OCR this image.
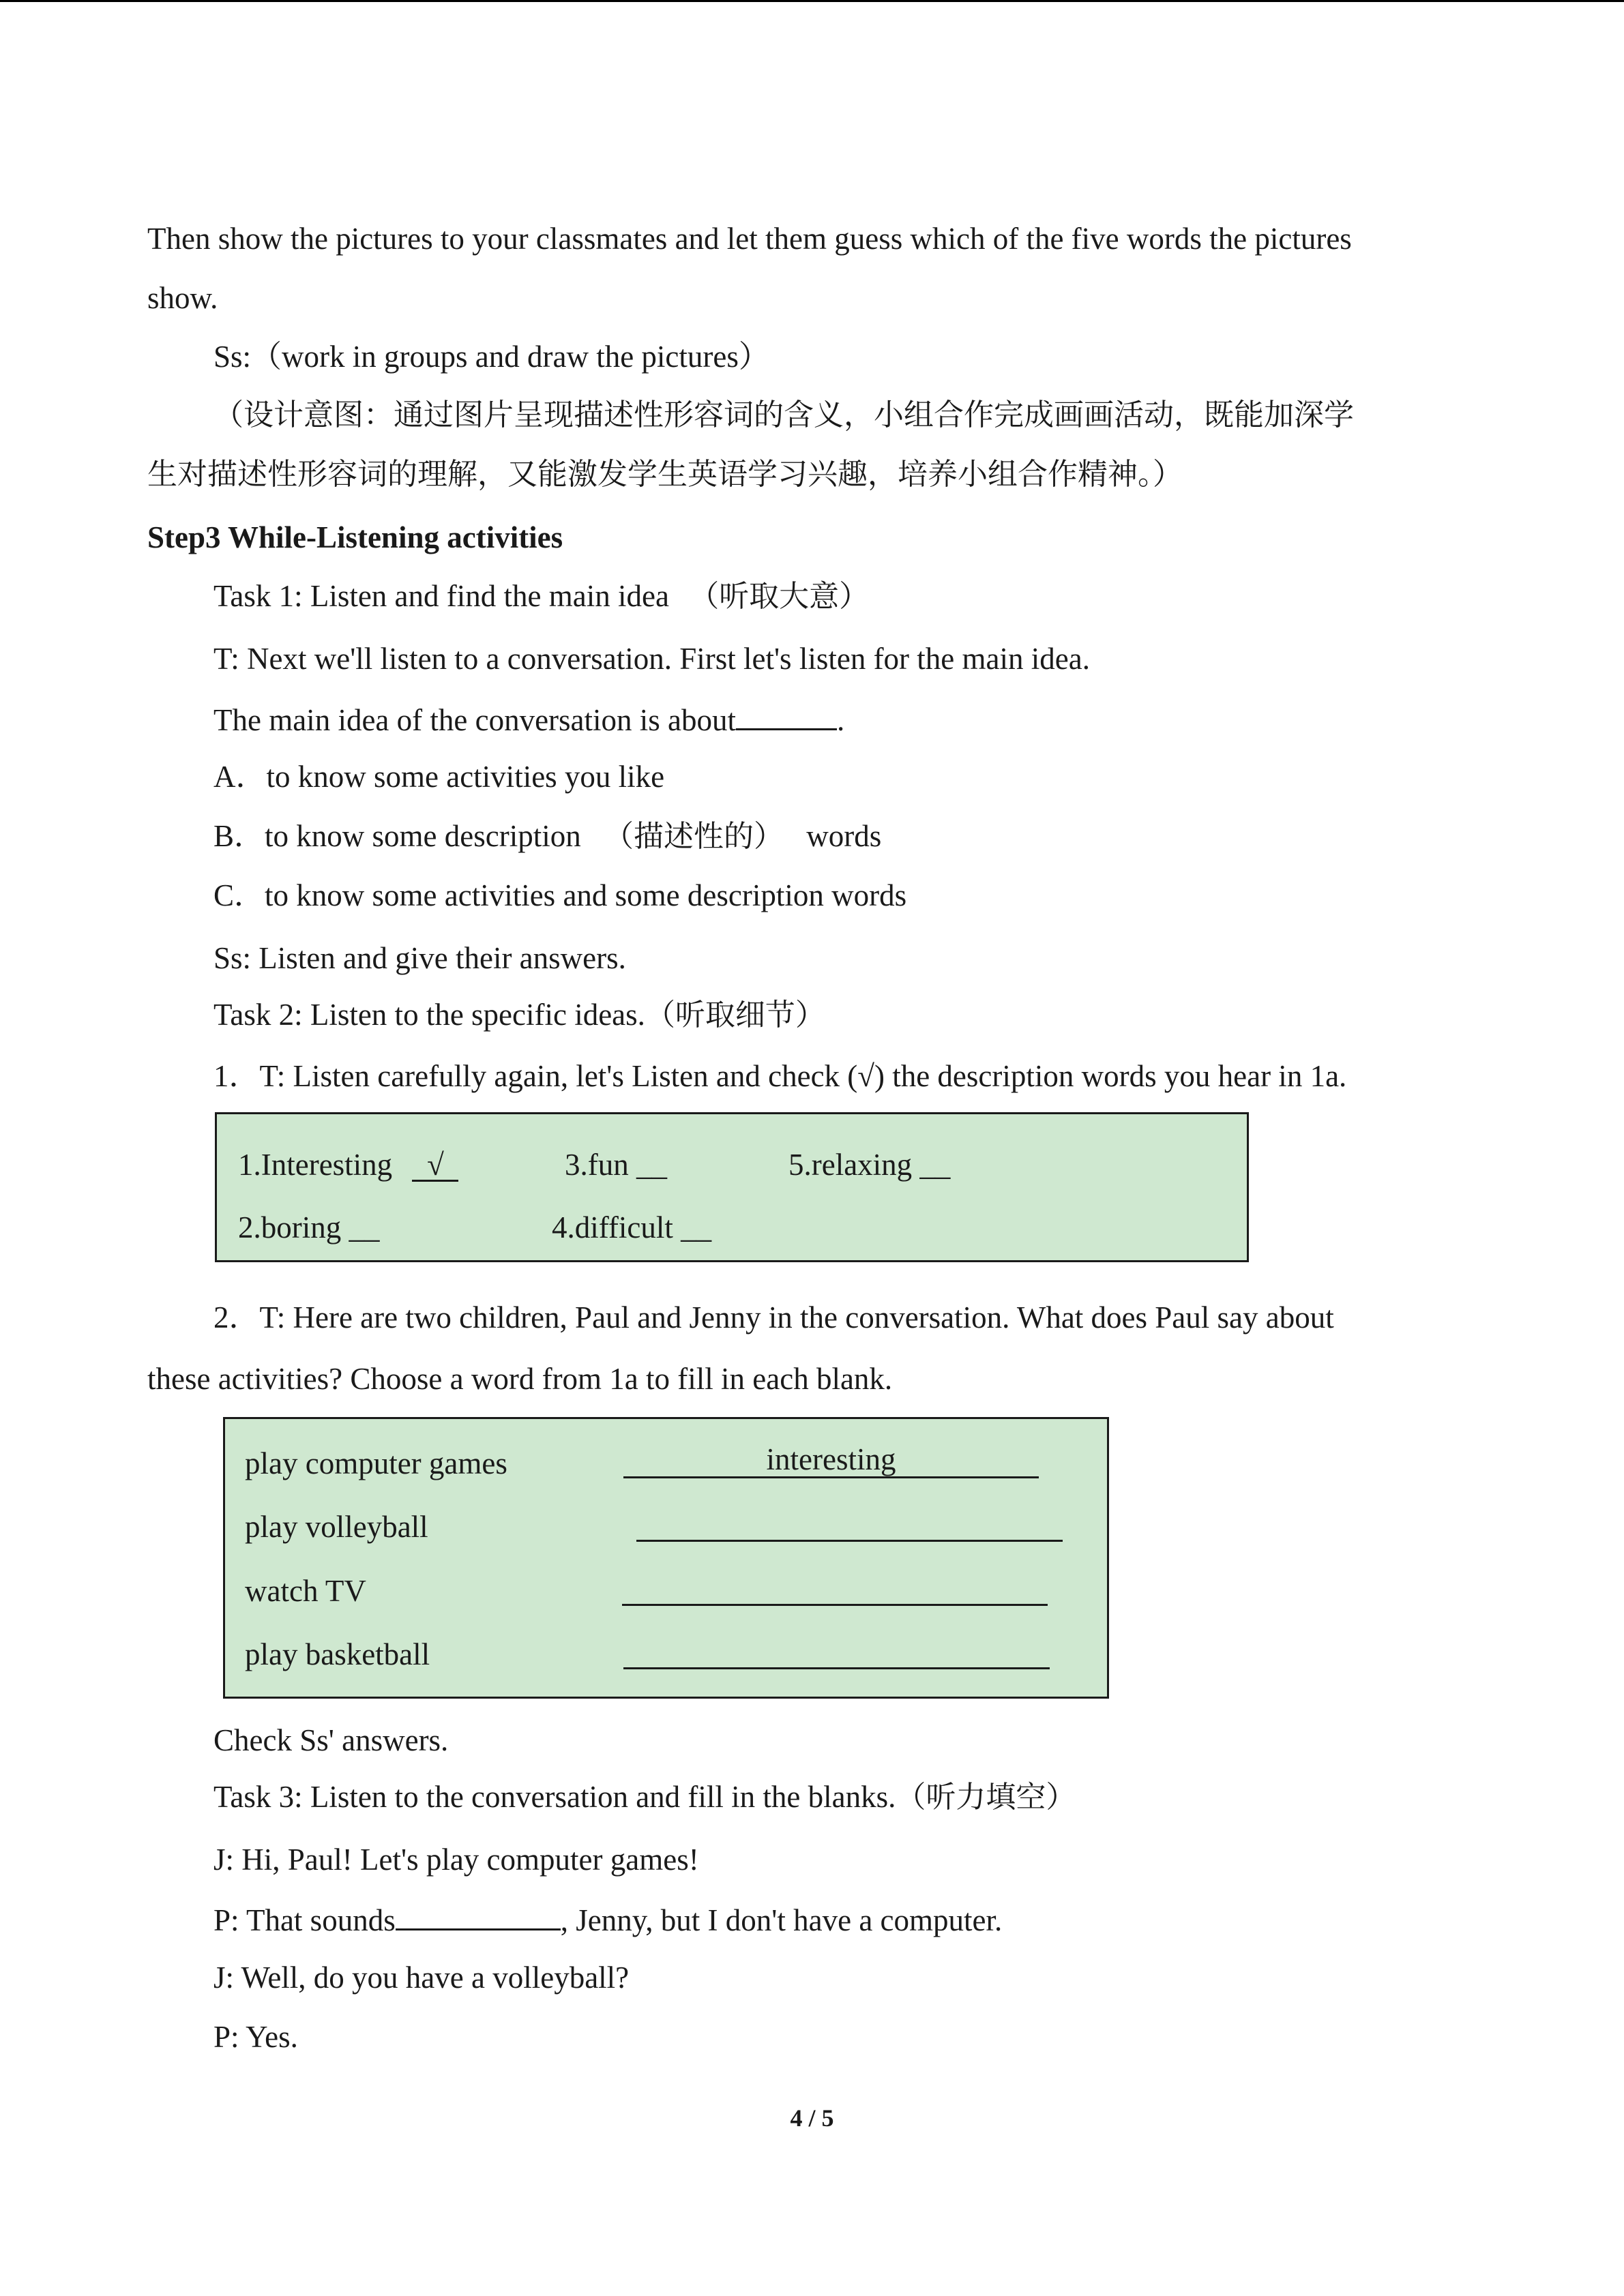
Then show the pictures to your classmates and let them guess which of the five words the pictures
show.
Ss:（work in groups and draw the pictures）
（设计意图：通过图片呈现描述性形容词的含义，小组合作完成画画活动，既能加深学
生对描述性形容词的理解，又能激发学生英语学习兴趣，培养小组合作精神。）
Step3 While-Listening activities
Task 1: Listen and find the main idea （听取大意）
T: Next we'll listen to a conversation. First let's listen for the main idea.
The main idea of the conversation is about	.
A．to know some activities you like
B．to know some description （描述性的） words
C．to know some activities and some description words
Ss: Listen and give their answers.
Task 2: Listen to the specific ideas.（听取细节）
1．T: Listen carefully again, let's Listen and check (√) the description words you hear in 1a.
1.Interesting √	3.fun __	5.relaxing __
2.boring __	4.difficult __
2．T: Here are two children, Paul and Jenny in the conversation. What does Paul say about
these activities? Choose a word from 1a to fill in each blank.
play computer games	interesting
play volleyball
watch TV
play basketball
Check Ss' answers.
Task 3: Listen to the conversation and fill in the blanks.（听力填空）
J: Hi, Paul! Let's play computer games!
P: That sounds	, Jenny, but I don't have a computer.
J: Well, do you have a volleyball?
P: Yes.
4 / 5
